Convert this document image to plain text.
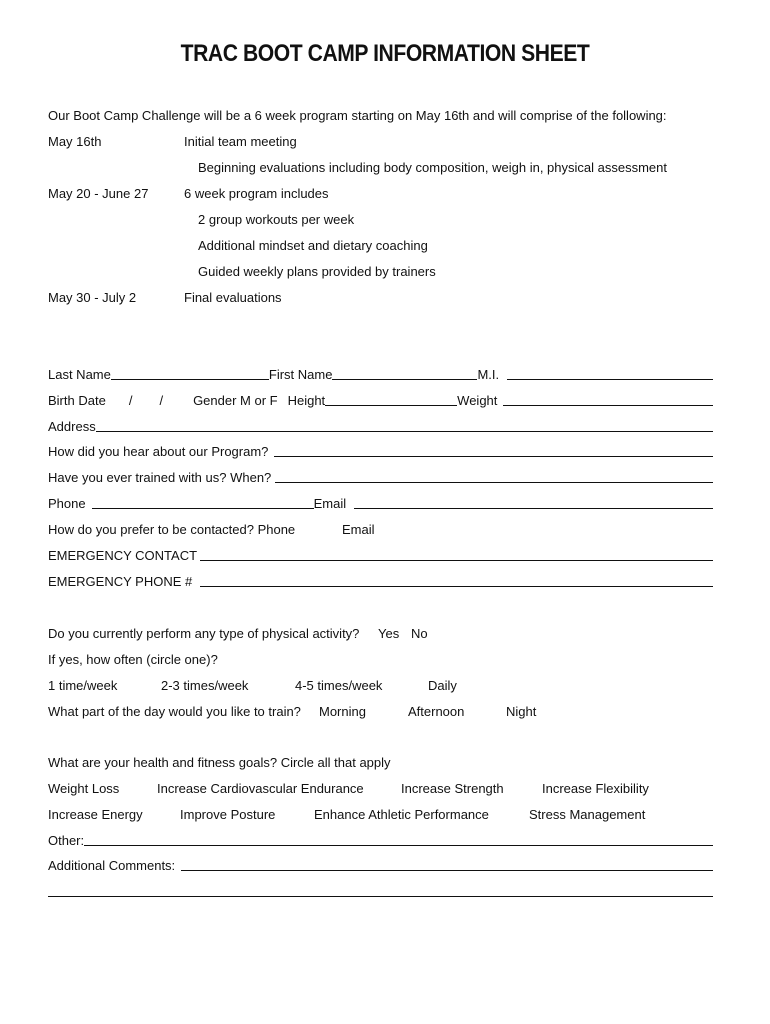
TRAC BOOT CAMP INFORMATION SHEET
Our Boot Camp Challenge will be a 6 week program starting on May 16th and will comprise of the following:
May 16th	Initial team meeting
Beginning evaluations including body composition, weigh in, physical assessment
May 20 - June 27	6 week program includes
2 group workouts per week
Additional mindset and dietary coaching
Guided weekly plans provided by trainers
May 30 - July 2	Final evaluations
Last Name	First Name	M.I.
Birth Date / / Gender M or F Height	Weight
Address
How did you hear about our Program?
Have you ever trained with us? When?
Phone	Email
How do you prefer to be contacted? Phone	Email
EMERGENCY CONTACT
EMERGENCY PHONE #
Do you currently perform any type of physical activity? Yes No
If yes, how often (circle one)?
1 time/week	2-3 times/week	4-5 times/week	Daily
What part of the day would you like to train? Morning	Afternoon	Night
What are your health and fitness goals? Circle all that apply
Weight Loss	Increase Cardiovascular Endurance	Increase Strength	Increase Flexibility
Increase Energy	Improve Posture	Enhance Athletic Performance	Stress Management
Other:
Additional Comments:
